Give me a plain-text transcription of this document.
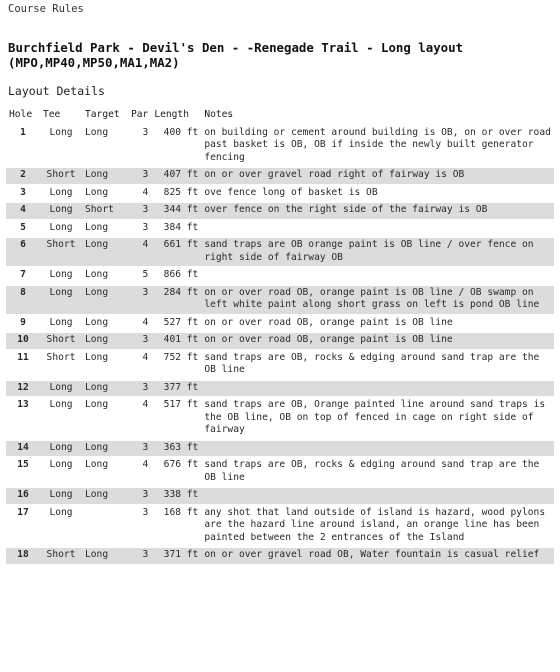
Course Rules
Burchfield Park - Devil's Den - -Renegade Trail - Long layout (MPO,MP40,MP50,MA1,MA2)
Layout Details
Hole	Tee	Target	Par	Length	Notes
1	Long	Long	3	400 ft	on building or cement around building is OB, on or over road past basket is OB, OB if inside the newly built generator fencing
2	Short	Long	3	407 ft	on or over gravel road right of fairway is OB
3	Long	Long	4	825 ft	ove fence long of basket is OB
4	Long	Short	3	344 ft	over fence on the right side of the fairway is OB
5	Long	Long	3	384 ft	
6	Short	Long	4	661 ft	sand traps are OB orange paint is OB line / over fence on right side of fairway OB
7	Long	Long	5	866 ft	
8	Long	Long	3	284 ft	on or over road OB, orange paint is OB line / OB swamp on left white paint along short grass on left is pond OB line
9	Long	Long	4	527 ft	on or over road OB, orange paint is OB line
10	Short	Long	3	401 ft	on or over road OB, orange paint is OB line
11	Short	Long	4	752 ft	sand traps are OB, rocks & edging around sand trap are the OB line
12	Long	Long	3	377 ft	
13	Long	Long	4	517 ft	sand traps are OB, Orange painted line around sand traps is the OB line, OB on top of fenced in cage on right side of fairway
14	Long	Long	3	363 ft	
15	Long	Long	4	676 ft	sand traps are OB, rocks & edging around sand trap are the OB line
16	Long	Long	3	338 ft	
17	Long		3	168 ft	any shot that land outside of island is hazard, wood pylons are the hazard line around island, an orange line has been painted between the 2 entrances of the Island
18	Short	Long	3	371 ft	on or over gravel road OB, Water fountain is casual relief
